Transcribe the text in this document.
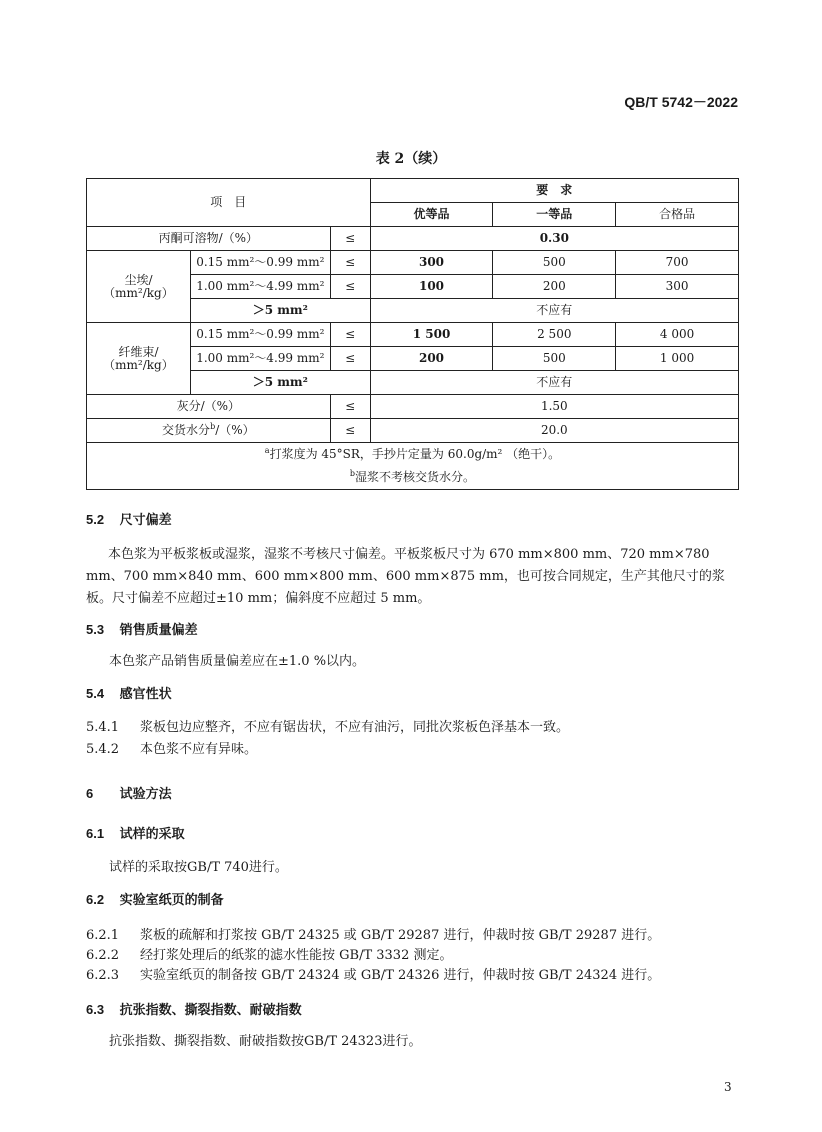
QB/T 5742－2022
表 2（续）
项　目			要　求		
			优等品	一等品	合格品
丙酮可溶物/（%）		≤	0.30		
尘埃/
（mm²/kg）	0.15 mm²～0.99 mm²	≤	300	500	700
	1.00 mm²～4.99 mm²	≤	100	200	300
	＞5 mm²		不应有		
纤维束/
（mm²/kg）	0.15 mm²～0.99 mm²	≤	1 500	2 500	4 000
	1.00 mm²～4.99 mm²	≤	200	500	1 000
	＞5 mm²		不应有		
灰分/（%）		≤	1.50		
交货水分$^b$/（%）		≤	20.0		
$^a$打浆度为 45°SR，手抄片定量为 60.0g/m² （绝干）。					
$^b$湿浆不考核交货水分。					
5.2 尺寸偏差
本色浆为平板浆板或湿浆，湿浆不考核尺寸偏差。平板浆板尺寸为 670 mm×800 mm、720 mm×780 mm、700 mm×840 mm、600 mm×800 mm、600 mm×875 mm，也可按合同规定，生产其他尺寸的浆板。尺寸偏差不应超过±10 mm；偏斜度不应超过 5 mm。
5.3 销售质量偏差
本色浆产品销售质量偏差应在±1.0 %以内。
5.4 感官性状
5.4.1 浆板包边应整齐，不应有锯齿状，不应有油污，同批次浆板色泽基本一致。
5.4.2 本色浆不应有异味。
6 试验方法
6.1 试样的采取
试样的采取按GB/T 740进行。
6.2 实验室纸页的制备
6.2.1 浆板的疏解和打浆按 GB/T 24325 或 GB/T 29287 进行，仲裁时按 GB/T 29287 进行。
6.2.2 经打浆处理后的纸浆的滤水性能按 GB/T 3332 测定。
6.2.3 实验室纸页的制备按 GB/T 24324 或 GB/T 24326 进行，仲裁时按 GB/T 24324 进行。
6.3 抗张指数、撕裂指数、耐破指数
抗张指数、撕裂指数、耐破指数按GB/T 24323进行。
3
